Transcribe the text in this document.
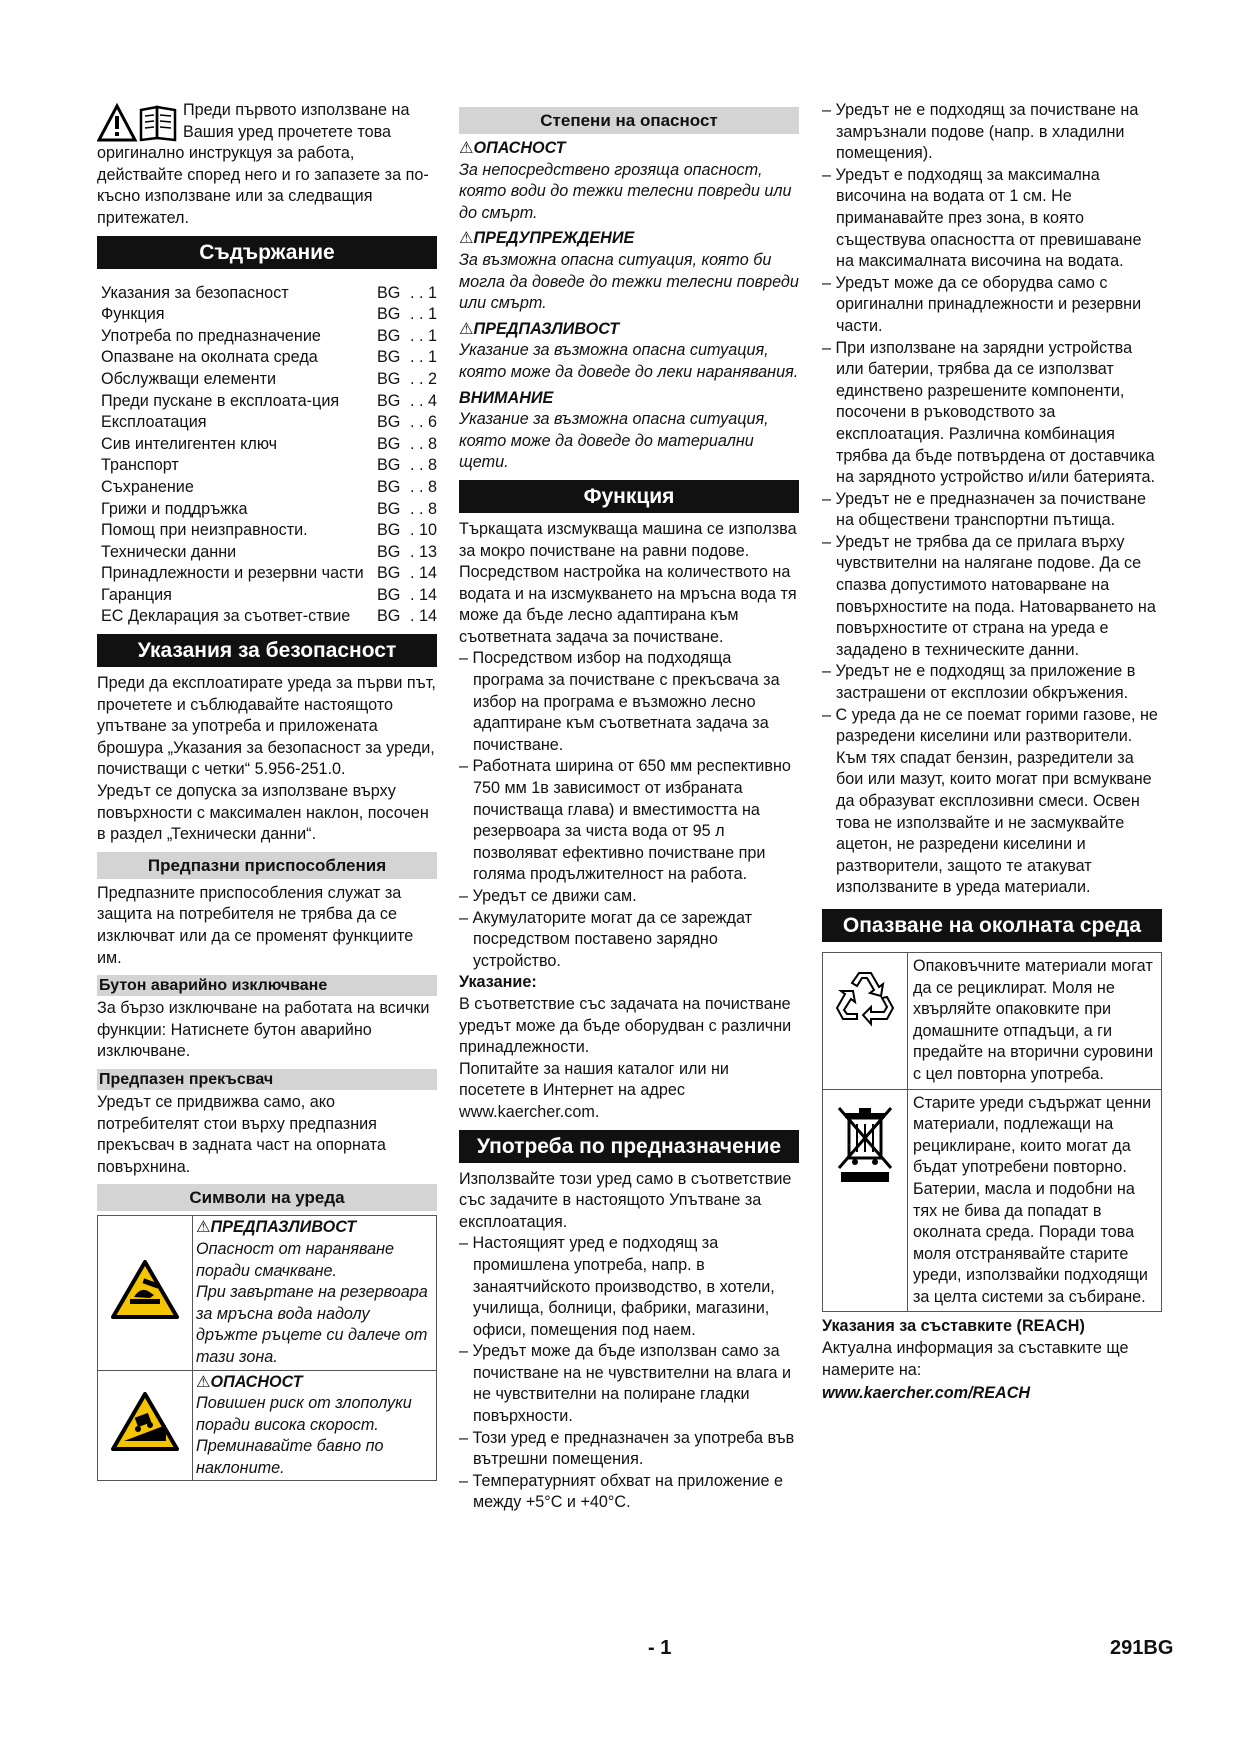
Преди първото използване на Вашия уред прочетете това оригинално инструкцуя за работа, действайте според него и го запазете за по-късно използване или за следващия притежател.

Съдържание
Указания за безопасност	BG . . 1
Функция	BG . . 1
Употреба по предназначение	BG . . 1
Опазване на околната среда	BG . . 1
Обслужващи елементи	BG . . 2
Преди пускане в експлоата-ция	BG . . 4
Експлоатация	BG . . 6
Сив интелигентен ключ	BG . . 8
Транспорт	BG . . 8
Съхранение	BG . . 8
Грижи и поддръжка	BG . . 8
Помощ при неизправности.	BG . 10
Технически данни	BG . 13
Принадлежности и резервни части BG . 14
Гаранция	BG . 14
ЕС Декларация за съответ-ствие	BG . 14
Указания за безопасност

Преди да експлоатирате уреда за първи път, прочетете и съблюдавайте настоящото упътване за употреба и приложената брошура „Указания за безопасност за уреди, почистващи с четки“ 5.956-251.0.

Уредът се допуска за използване върху повърхности с максимален наклон, посочен в раздел „Технически данни“.

Предпазни приспособления

Предпазните приспособления служат за защита на потребителя не трябва да се изключват или да се променят функциите им.

Бутон аварийно изключване

За бързо изключване на работата на всички функции: Натиснете бутон аварийно изключване.

Предпазен прекъсвач

Уредът се придвижва само, ако потребителят стои върху предпазния прекъсвач в задната част на опорната повърхнина.

Символи на уреда

⚠ПРЕДПАЗЛИВОСТ

Опасност от нараняване поради смачкване.

При завъртане на резервоара за мръсна вода надолу дръжте ръцете си далече от тази зона.

⚠ОПАСНОСТ

Повишен риск от злополуки поради висока скорост.

Преминавайте бавно по наклоните.

Степени на опасност

⚠ОПАСНОСТ

За непосредствено грозяща опасност, която води до тежки телесни повреди или до смърт.

⚠ПРЕДУПРЕЖДЕНИЕ

За възможна опасна ситуация, която би могла да доведе до тежки телесни повреди или смърт.

⚠ПРЕДПАЗЛИВОСТ

Указание за възможна опасна ситуация, която може да доведе до леки наранявания.

ВНИМАНИЕ

Указание за възможна опасна ситуация, която може да доведе до материални щети.

Функция

Търкащата изсмукваща машина се използва за мокро почистване на равни подове.

Посредством настройка на количеството на водата и на изсмукването на мръсна вода тя може да бъде лесно адаптирана към съответната задача за почистване.

– Посредством избор на подходяща програма за почистване с прекъсвача за избор на програма е възможно лесно адаптиране към съответната задача за почистване.

– Работната ширина от 650 мм респективно 750 мм 1в зависимост от избраната почистваща глава) и вместимостта на резервоара за чиста вода от 95 л позволяват ефективно почистване при голяма продължителност на работа.

– Уредът се движи сам.

– Акумулаторите могат да се зареждат посредством поставено зарядно устройство.

Указание:

В съответствие със задачата на почистване уредът може да бъде оборудван с различни принадлежности.

Попитайте за нашия каталог или ни посетете в Интернет на адрес www.kaercher.com.

Употреба по предназначение

Използвайте този уред само в съответствие със задачите в настоящото Упътване за експлоатация.

– Настоящият уред е подходящ за промишлена употреба, напр. в занаятчийското производство, в хотели, училища, болници, фабрики, магазини, офиси, помещения под наем.

– Уредът може да бъде използван само за почистване на не чувствителни на влага и не чувствителни на полиране гладки повърхности.

– Този уред е предназначен за употреба във вътрешни помещения.

– Температурният обхват на приложение е между +5°C и +40°C.

– Уредът не е подходящ за почистване на замръзнали подове (напр. в хладилни помещения).

– Уредът е подходящ за максимална височина на водата от 1 см. Не приманавайте през зона, в която съществува опасността от превишаване на максималната височина на водата.

– Уредът може да се оборудва само с оригинални принадлежности и резервни части.

– При използване на зарядни устройства или батерии, трябва да се използват единствено разрешените компоненти, посочени в ръководството за експлоатация. Различна комбинация трябва да бъде потвърдена от доставчика на зарядното устройство и/или батерията.

– Уредът не е предназначен за почистване на обществени транспортни пътища.

– Уредът не трябва да се прилага върху чувствителни на налягане подове. Да се спазва допустимото натоварване на повърхностите на пода. Натоварването на повърхностите от страна на уреда е зададено в техническите данни.

– Уредът не е подходящ за приложение в застрашени от експлозии обкръжения.

– С уреда да не се поемат горими газове, не разредени киселини или разтворители.

Към тях спадат бензин, разредители за бои или мазут, които могат при всмукване да образуват експлозивни смеси. Освен това не използвайте и не засмуквайте ацетон, не разредени киселини и разтворители, защото те атакуват използваните в уреда материали.

Опазване на околната среда
	Опаковъчните материали могат да се рециклират. Моля не хвърляйте опаковките при домашните отпадъци, а ги предайте на вторични суровини с цел повторна употреба.
	Старите уреди съдържат ценни материали, подлежащи на рециклиране, които могат да бъдат употребени повторно. Батерии, масла и подобни на тях не бива да попадат в околната среда. Поради това моля отстранявайте старите уреди, използвайки подходящи за целта системи за събиране.

Указания за съставките (REACH)

Актуална информация за съставките ще намерите на:

www.kaercher.com/REACH

- 1	291BG
